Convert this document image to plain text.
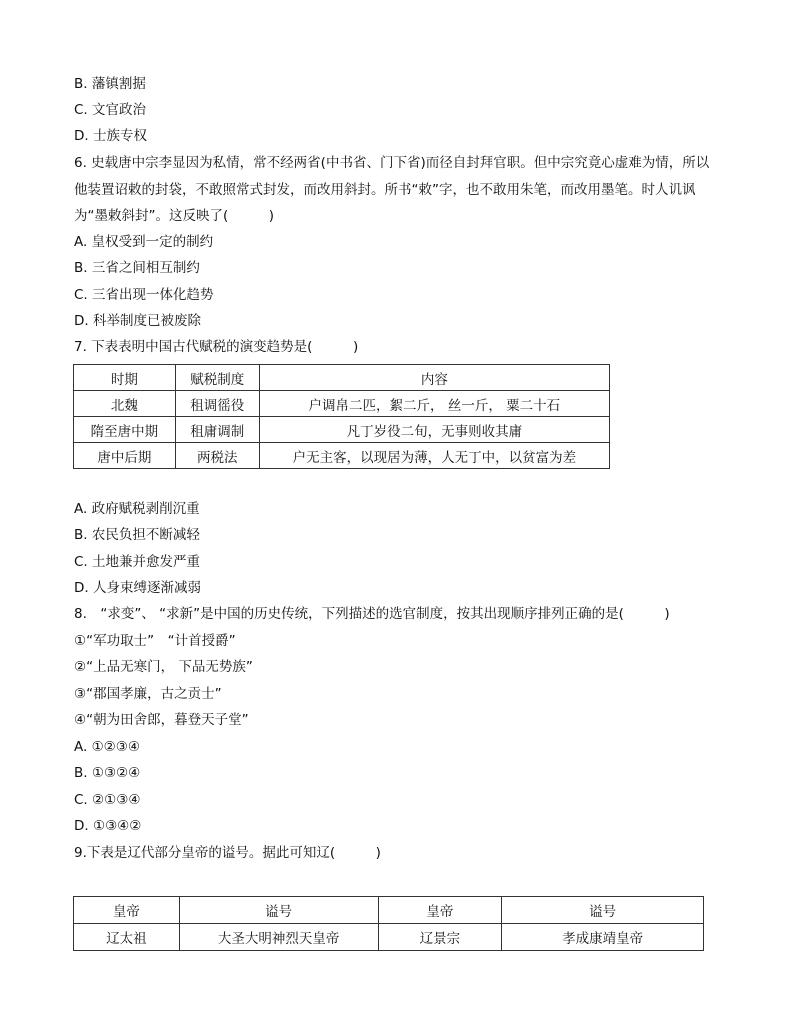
B. 藩镇割据
C. 文官政治
D. 士族专权
6. 史载唐中宗李显因为私情，常不经两省(中书省、门下省)而径自封拜官职。但中宗究竟心虚难为情，所以
他装置诏敕的封袋，不敢照常式封发，而改用斜封。所书“敕”字，也不敢用朱笔，而改用墨笔。时人讥讽
为“墨敕斜封”。这反映了(　　　)
A. 皇权受到一定的制约
B. 三省之间相互制约
C. 三省出现一体化趋势
D. 科举制度已被废除
7. 下表表明中国古代赋税的演变趋势是(　　　)
时期	赋税制度	内容
北魏	租调徭役	户调帛二匹，絮二斤， 丝一斤， 粟二十石
隋至唐中期	租庸调制	凡丁岁役二旬，无事则收其庸
唐中后期	两税法	户无主客，以现居为薄，人无丁中，以贫富为差
A. 政府赋税剥削沉重
B. 农民负担不断减轻
C. 土地兼并愈发严重
D. 人身束缚逐渐减弱
8.　“求变”、 “求新”是中国的历史传统，下列描述的选官制度，按其出现顺序排列正确的是(　　　)
①“军功取士”　“计首授爵”
②“上品无寒门， 下品无势族”
③“郡国孝廉，古之贡士”
④“朝为田舍郎，暮登天子堂”
A. ①②③④
B. ①③②④
C. ②①③④
D. ①③④②
9.下表是辽代部分皇帝的谥号。据此可知辽(　　　)
皇帝	谥号	皇帝	谥号
辽太祖	大圣大明神烈天皇帝	辽景宗	孝成康靖皇帝
